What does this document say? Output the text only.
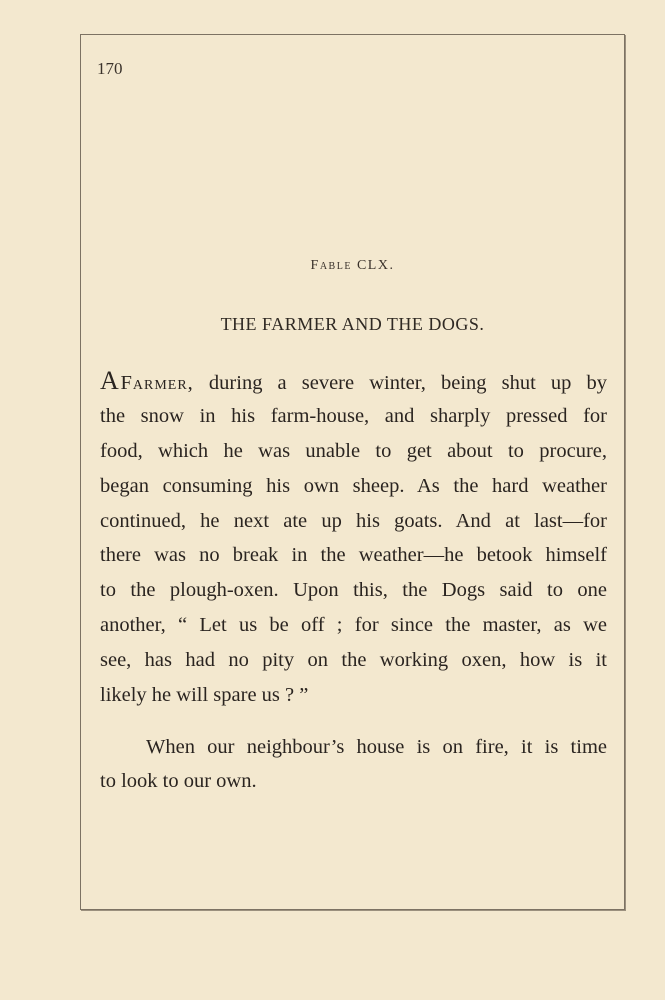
170
Fable CLX.
THE FARMER AND THE DOGS.
A Farmer, during a severe winter, being shut up by
the snow in his farm-house, and sharply pressed for
food, which he was unable to get about to procure,
began consuming his own sheep. As the hard weather
continued, he next ate up his goats. And at last—for
there was no break in the weather—he betook himself
to the plough-oxen. Upon this, the Dogs said to one
another, “ Let us be off ; for since the master, as we
see, has had no pity on the working oxen, how is it
likely he will spare us ? ”
When our neighbour’s house is on fire, it is time
to look to our own.
